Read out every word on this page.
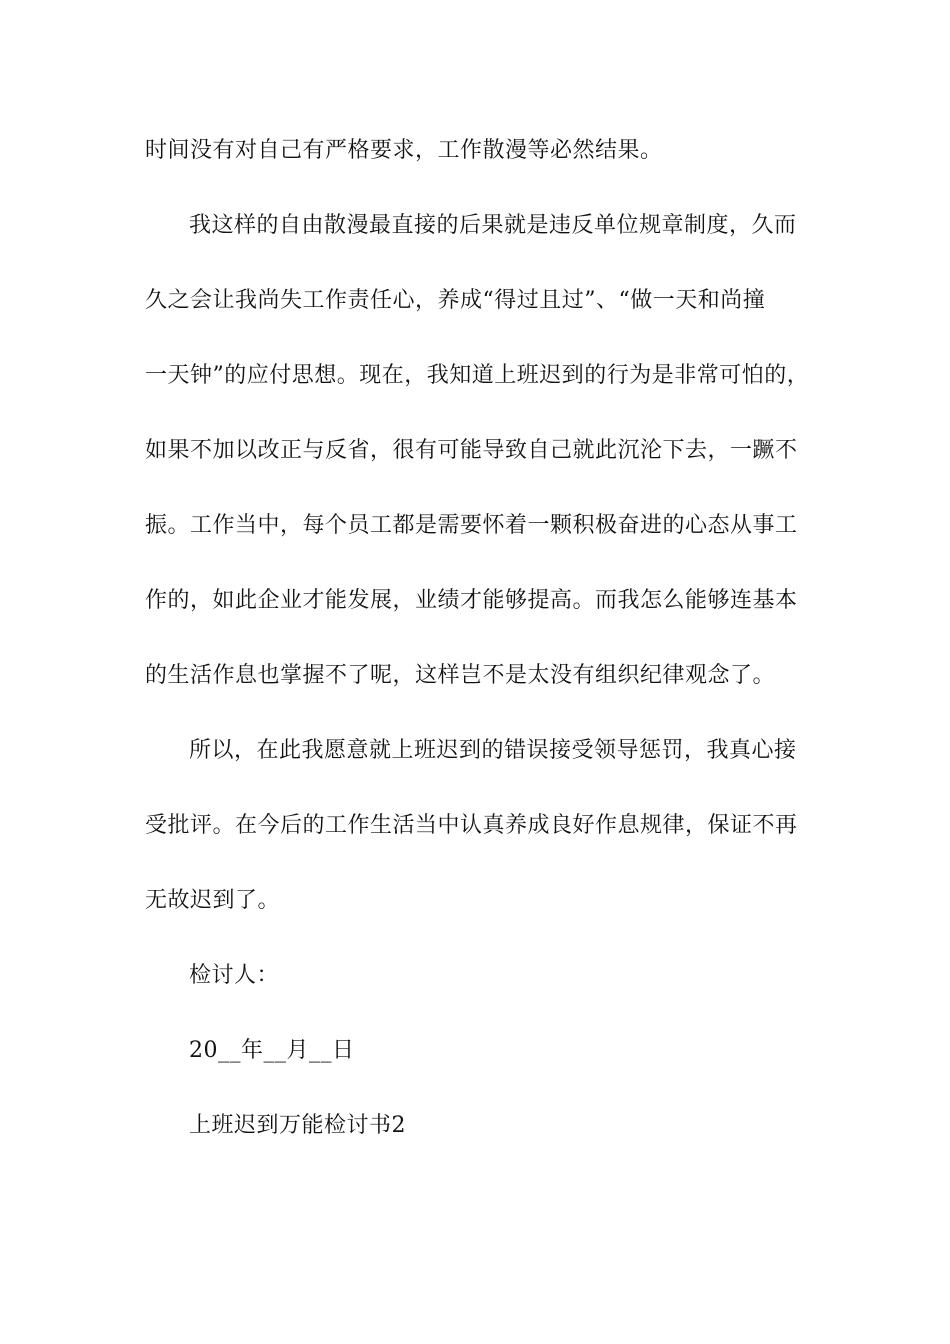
时间没有对自己有严格要求，工作散漫等必然结果。
我这样的自由散漫最直接的后果就是违反单位规章制度，久而
久之会让我尚失工作责任心，养成“得过且过”、“做一天和尚撞
一天钟”的应付思想。现在，我知道上班迟到的行为是非常可怕的，
如果不加以改正与反省，很有可能导致自己就此沉沦下去，一蹶不
振。工作当中，每个员工都是需要怀着一颗积极奋进的心态从事工
作的，如此企业才能发展，业绩才能够提高。而我怎么能够连基本
的生活作息也掌握不了呢，这样岂不是太没有组织纪律观念了。
所以，在此我愿意就上班迟到的错误接受领导惩罚，我真心接
受批评。在今后的工作生活当中认真养成良好作息规律，保证不再
无故迟到了。
检讨人：
20__年__月__日
上班迟到万能检讨书2
